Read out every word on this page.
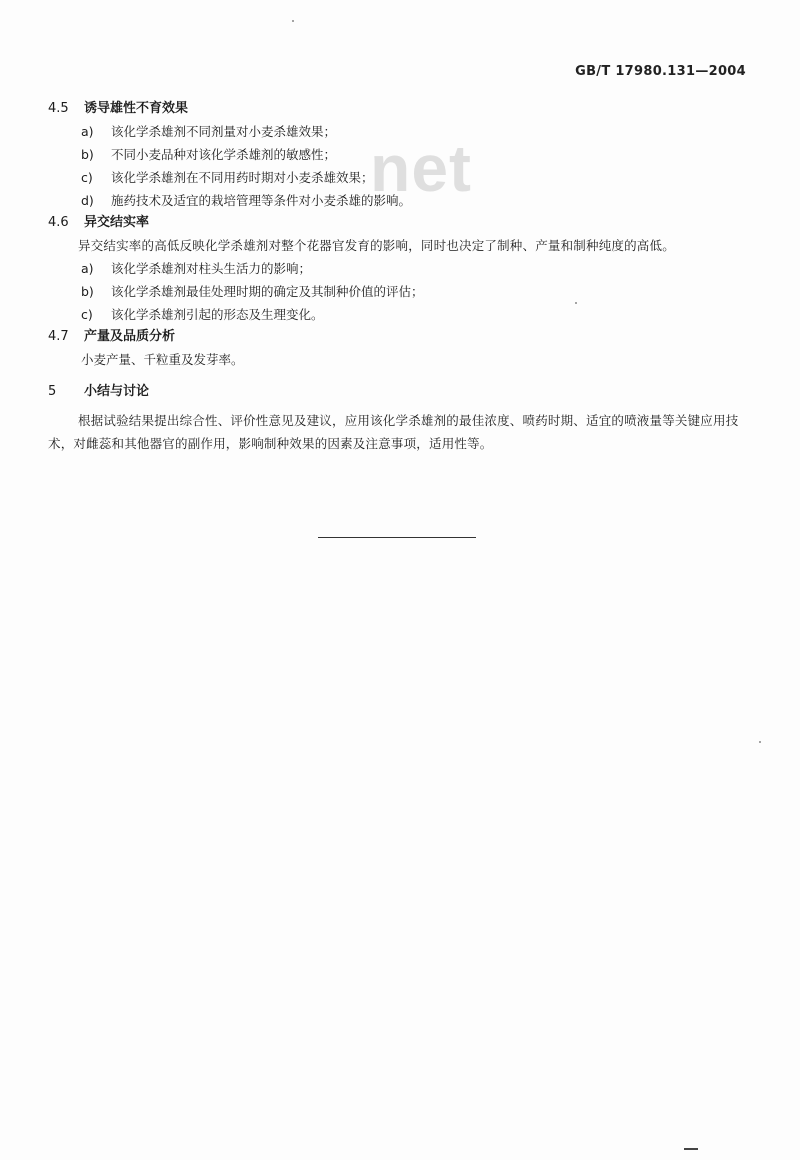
GB/T 17980.131—2004
net
4.5 诱导雄性不育效果
a) 该化学杀雄剂不同剂量对小麦杀雄效果；
b) 不同小麦品种对该化学杀雄剂的敏感性；
c) 该化学杀雄剂在不同用药时期对小麦杀雄效果；
d) 施药技术及适宜的栽培管理等条件对小麦杀雄的影响。
4.6 异交结实率
异交结实率的高低反映化学杀雄剂对整个花器官发育的影响，同时也决定了制种、产量和制种纯度的高低。
a) 该化学杀雄剂对柱头生活力的影响；
b) 该化学杀雄剂最佳处理时期的确定及其制种价值的评估；
c) 该化学杀雄剂引起的形态及生理变化。
4.7 产量及品质分析
小麦产量、千粒重及发芽率。
5 小结与讨论
根据试验结果提出综合性、评价性意见及建议，应用该化学杀雄剂的最佳浓度、喷药时期、适宜的喷液量等关键应用技术，对雌蕊和其他器官的副作用，影响制种效果的因素及注意事项，适用性等。
